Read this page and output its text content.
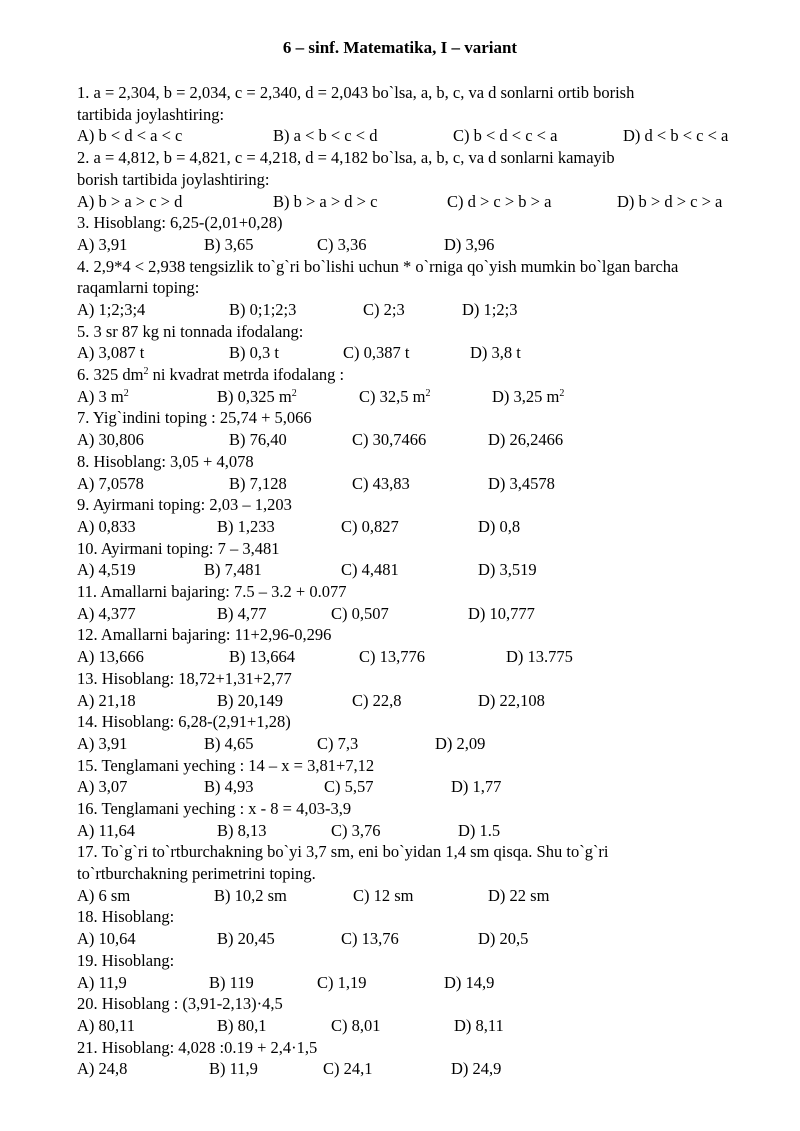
6 – sinf. Matematika, I – variant
1. a = 2,304, b = 2,034, c = 2,340, d = 2,043 bo`lsa, a, b, c, va d sonlarni ortib borish
tartibida joylashtiring:
A) b < d < a < c	B) a < b < c < d	C) b < d < c < a	D) d < b < c < a
2. a = 4,812, b = 4,821, c = 4,218, d = 4,182 bo`lsa, a, b, c, va d sonlarni kamayib
borish tartibida joylashtiring:
A) b > a > c > d	B) b > a > d > c	C) d > c > b > a	D) b > d > c > a
3. Hisoblang: 6,25-(2,01+0,28)
A) 3,91	B) 3,65	C) 3,36	D) 3,96
4. 2,9*4 < 2,938 tengsizlik to`g`ri bo`lishi uchun * o`rniga qo`yish mumkin bo`lgan barcha
raqamlarni toping:
A) 1;2;3;4	B) 0;1;2;3	C) 2;3	D) 1;2;3
5. 3 sr 87 kg ni tonnada ifodalang:
A) 3,087 t	B) 0,3 t	C) 0,387 t	D) 3,8 t
6. 325 $dm^2$ ni kvadrat metrda ifodalang :
A) 3 $m^2$	B) 0,325 $m^2$	C) 32,5 $m^2$	D) 3,25 $m^2$
7. Yig`indini toping : 25,74 + 5,066
A) 30,806	B) 76,40	C) 30,7466	D) 26,2466
8. Hisoblang: 3,05 + 4,078
A) 7,0578	B) 7,128	C) 43,83	D) 3,4578
9. Ayirmani toping: 2,03 – 1,203
A) 0,833	B) 1,233	C) 0,827	D) 0,8
10. Ayirmani toping: 7 – 3,481
A) 4,519	B) 7,481	C) 4,481	D) 3,519
11. Amallarni bajaring: 7.5 – 3.2 + 0.077
A) 4,377	B) 4,77	C) 0,507	D) 10,777
12. Amallarni bajaring: 11+2,96-0,296
A) 13,666	B) 13,664	C) 13,776	D) 13.775
13. Hisoblang: 18,72+1,31+2,77
A) 21,18	B) 20,149	C) 22,8	D) 22,108
14. Hisoblang: 6,28-(2,91+1,28)
A) 3,91	B) 4,65	C) 7,3	D) 2,09
15. Tenglamani yeching : 14 – x = 3,81+7,12
A) 3,07	B) 4,93	C) 5,57	D) 1,77
16. Tenglamani yeching : x - 8 = 4,03-3,9
A) 11,64	B) 8,13	C) 3,76	D) 1.5
17. To`g`ri to`rtburchakning bo`yi 3,7 sm, eni bo`yidan 1,4 sm qisqa. Shu to`g`ri
to`rtburchakning perimetrini toping.
A) 6 sm	B) 10,2 sm	C) 12 sm	D) 22 sm
18. Hisoblang:
A) 10,64	B) 20,45	C) 13,76	D) 20,5
19. Hisoblang:
A) 11,9	B) 119	C) 1,19	D) 14,9
20. Hisoblang : (3,91-2,13)·4,5
A) 80,11	B) 80,1	C) 8,01	D) 8,11
21. Hisoblang: 4,028 :0.19 + 2,4·1,5
A) 24,8	B) 11,9	C) 24,1	D) 24,9
